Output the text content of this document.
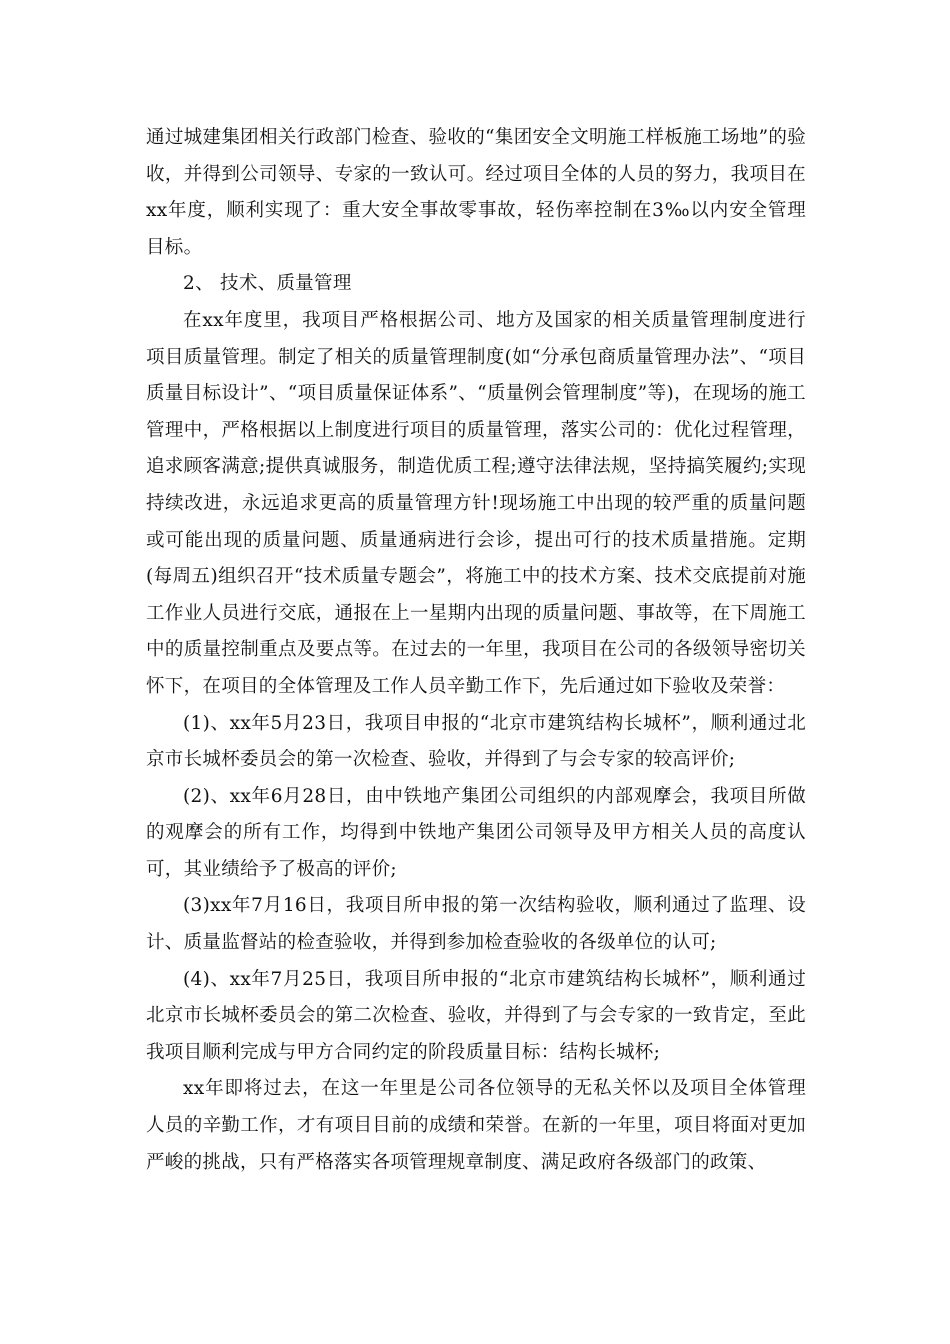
通过城建集团相关行政部门检查、验收的“集团安全文明施工样板施工场地”的验收，并得到公司领导、专家的一致认可。经过项目全体的人员的努力，我项目在xx年度，顺利实现了：重大安全事故零事故，轻伤率控制在3‰以内安全管理目标。

2、 技术、质量管理

在xx年度里，我项目严格根据公司、地方及国家的相关质量管理制度进行项目质量管理。制定了相关的质量管理制度(如“分承包商质量管理办法”、“项目质量目标设计”、“项目质量保证体系”、“质量例会管理制度”等)，在现场的施工管理中，严格根据以上制度进行项目的质量管理，落实公司的：优化过程管理，追求顾客满意;提供真诚服务，制造优质工程;遵守法律法规，坚持搞笑履约;实现持续改进，永远追求更高的质量管理方针!现场施工中出现的较严重的质量问题或可能出现的质量问题、质量通病进行会诊，提出可行的技术质量措施。定期(每周五)组织召开“技术质量专题会”，将施工中的技术方案、技术交底提前对施工作业人员进行交底，通报在上一星期内出现的质量问题、事故等，在下周施工中的质量控制重点及要点等。在过去的一年里，我项目在公司的各级领导密切关怀下，在项目的全体管理及工作人员辛勤工作下，先后通过如下验收及荣誉：

(1)、xx年5月23日，我项目申报的“北京市建筑结构长城杯”，顺利通过北京市长城杯委员会的第一次检查、验收，并得到了与会专家的较高评价;

(2)、xx年6月28日，由中铁地产集团公司组织的内部观摩会，我项目所做的观摩会的所有工作，均得到中铁地产集团公司领导及甲方相关人员的高度认可，其业绩给予了极高的评价;

(3)xx年7月16日，我项目所申报的第一次结构验收，顺利通过了监理、设计、质量监督站的检查验收，并得到参加检查验收的各级单位的认可;

(4)、xx年7月25日，我项目所申报的“北京市建筑结构长城杯”，顺利通过北京市长城杯委员会的第二次检查、验收，并得到了与会专家的一致肯定，至此我项目顺利完成与甲方合同约定的阶段质量目标：结构长城杯;

xx年即将过去，在这一年里是公司各位领导的无私关怀以及项目全体管理人员的辛勤工作，才有项目目前的成绩和荣誉。在新的一年里，项目将面对更加严峻的挑战，只有严格落实各项管理规章制度、满足政府各级部门的政策、
